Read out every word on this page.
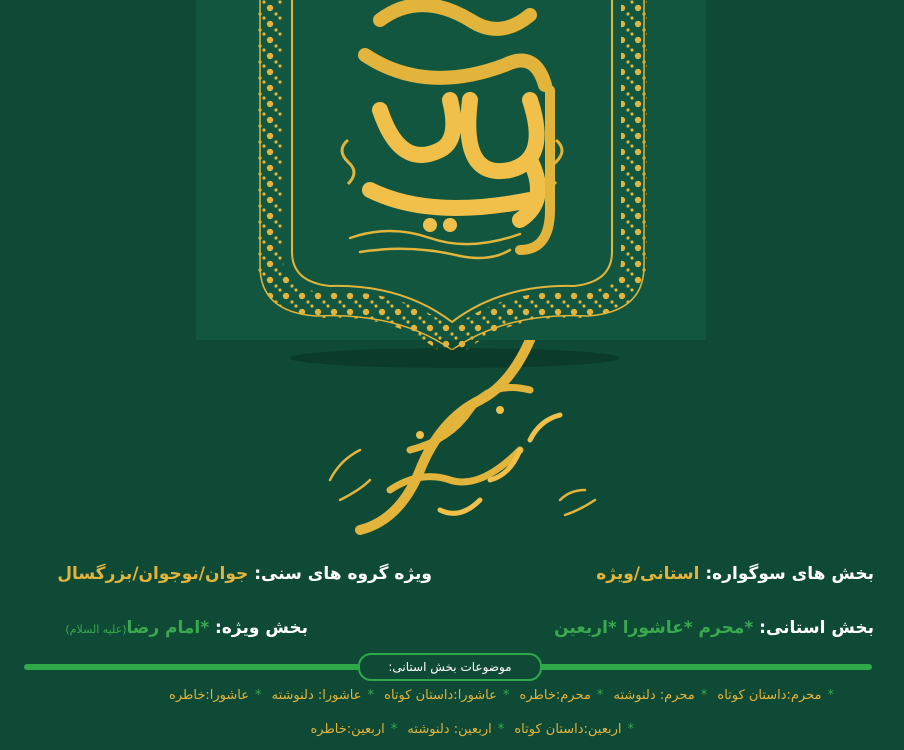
بخش های سوگواره: استانی/ویژه
ویژه گروه های سنی: جوان/نوجوان/بزرگسال
بخش استانی: *محرم *عاشورا *اربعین
بخش ویژه: *امام رضا(علیه السلام)
موضوعات بخش استانی:
*محرم:داستان کوتاه *محرم: دلنوشته *محرم:خاطره *عاشورا:داستان کوتاه *عاشورا: دلنوشته *عاشورا:خاطره
*اربعین:داستان کوتاه *اربعین: دلنوشته *اربعین:خاطره
